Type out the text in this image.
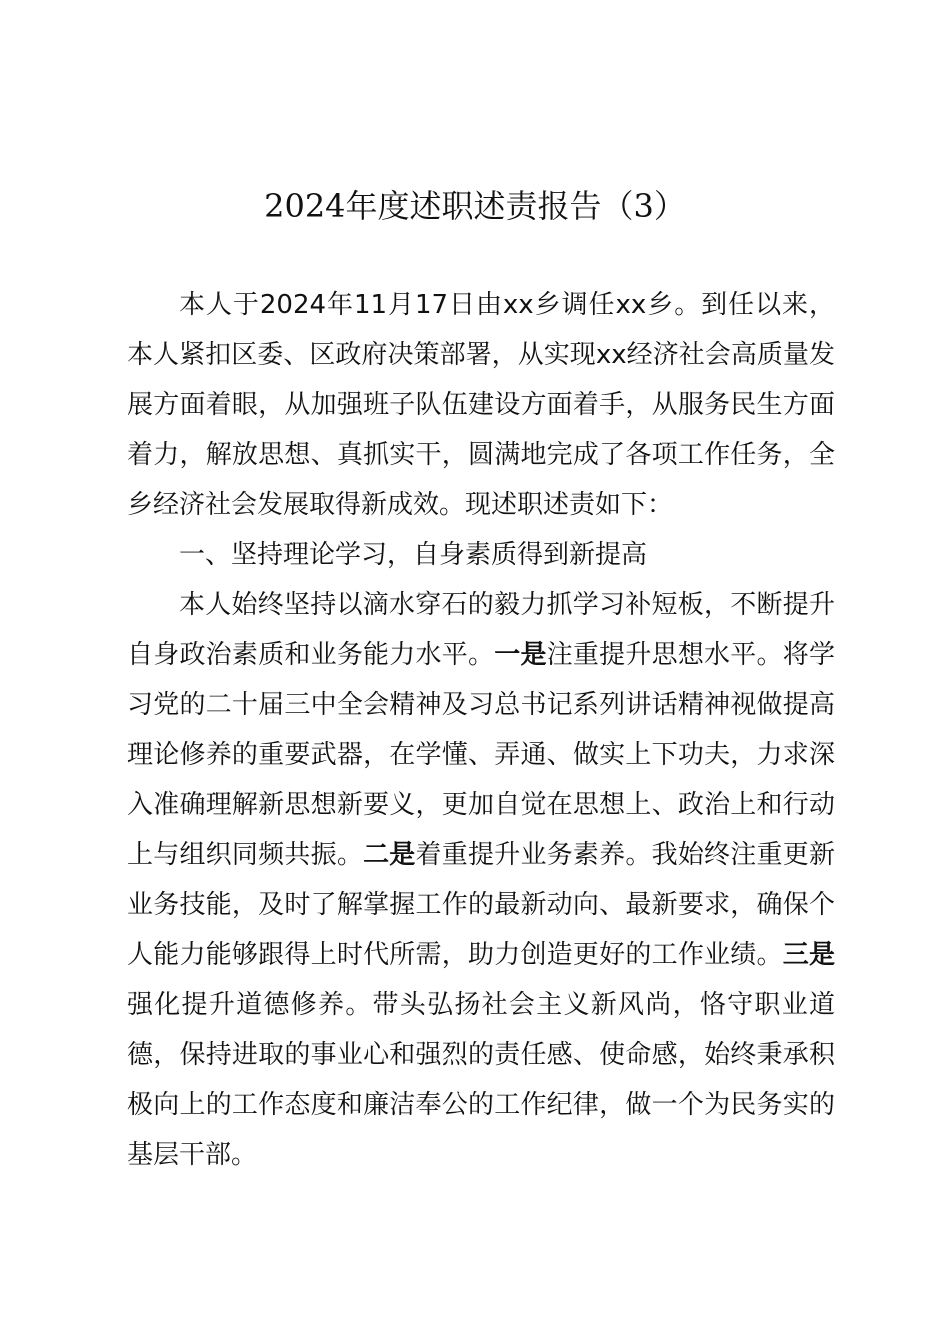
2024年度述职述责报告（3）

本人于2024年11月17日由xx乡调任xx乡。到任以来，本人紧扣区委、区政府决策部署，从实现xx经济社会高质量发展方面着眼，从加强班子队伍建设方面着手，从服务民生方面着力，解放思想、真抓实干，圆满地完成了各项工作任务，全乡经济社会发展取得新成效。现述职述责如下：

一、坚持理论学习，自身素质得到新提高

本人始终坚持以滴水穿石的毅力抓学习补短板，不断提升自身政治素质和业务能力水平。一是注重提升思想水平。将学习党的二十届三中全会精神及习总书记系列讲话精神视做提高理论修养的重要武器，在学懂、弄通、做实上下功夫，力求深入准确理解新思想新要义，更加自觉在思想上、政治上和行动上与组织同频共振。二是着重提升业务素养。我始终注重更新业务技能，及时了解掌握工作的最新动向、最新要求，确保个人能力能够跟得上时代所需，助力创造更好的工作业绩。三是强化提升道德修养。带头弘扬社会主义新风尚，恪守职业道德，保持进取的事业心和强烈的责任感、使命感，始终秉承积极向上的工作态度和廉洁奉公的工作纪律，做一个为民务实的基层干部。
